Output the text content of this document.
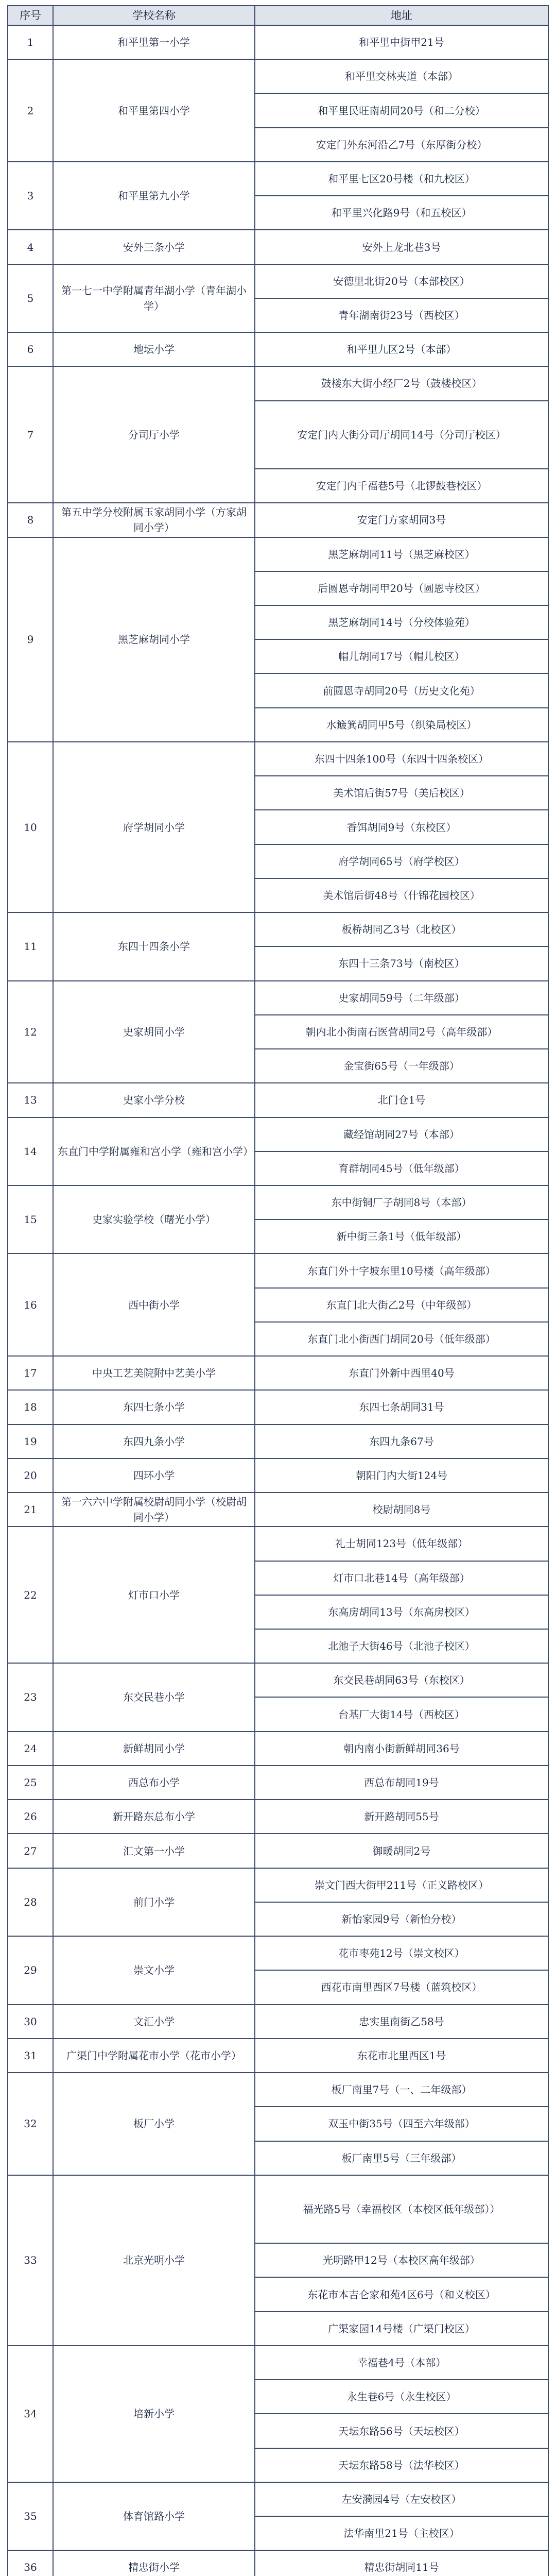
序号	学校名称	地址
1	和平里第一小学	和平里中街甲21号
2	和平里第四小学	和平里交林夹道（本部）
		和平里民旺南胡同20号（和二分校）
		安定门外东河沿乙7号（东厚街分校）
3	和平里第九小学	和平里七区20号楼（和九校区）
		和平里兴化路9号（和五校区）
4	安外三条小学	安外上龙北巷3号
5	第一七一中学附属青年湖小学（青年湖小学）	安德里北街20号（本部校区）
		青年湖南街23号（西校区）
6	地坛小学	和平里九区2号（本部）
7	分司厅小学	鼓楼东大街小经厂2号（鼓楼校区）
		安定门内大街分司厅胡同14号（分司厅校区）
		安定门内千福巷5号（北锣鼓巷校区）
8	第五中学分校附属玉家胡同小学（方家胡同小学）	安定门方家胡同3号
9	黑芝麻胡同小学	黑芝麻胡同11号（黑芝麻校区）
		后圆恩寺胡同甲20号（圆恩寺校区）
		黑芝麻胡同14号（分校体验苑）
		帽儿胡同17号（帽儿校区）
		前圆恩寺胡同20号（历史文化苑）
		水簸箕胡同甲5号（织染局校区）
10	府学胡同小学	东四十四条100号（东四十四条校区）
		美术馆后街57号（美后校区）
		香饵胡同9号（东校区）
		府学胡同65号（府学校区）
		美术馆后街48号（什锦花园校区）
11	东四十四条小学	板桥胡同乙3号（北校区）
		东四十三条73号（南校区）
12	史家胡同小学	史家胡同59号（二年级部）
		朝内北小街南石医营胡同2号（高年级部）
		金宝街65号（一年级部）
13	史家小学分校	北门仓1号
14	东直门中学附属雍和宫小学（雍和宫小学）	藏经馆胡同27号（本部）
		育群胡同45号（低年级部）
15	史家实验学校（曙光小学）	东中街铜厂子胡同8号（本部）
		新中街三条1号（低年级部）
16	西中街小学	东直门外十字坡东里10号楼（高年级部）
		东直门北大街乙2号（中年级部）
		东直门北小街西门胡同20号（低年级部）
17	中央工艺美院附中艺美小学	东直门外新中西里40号
18	东四七条小学	东四七条胡同31号
19	东四九条小学	东四九条67号
20	四环小学	朝阳门内大街124号
21	第一六六中学附属校尉胡同小学（校尉胡同小学）	校尉胡同8号
22	灯市口小学	礼士胡同123号（低年级部）
		灯市口北巷14号（高年级部）
		东高房胡同13号（东高房校区）
		北池子大街46号（北池子校区）
23	东交民巷小学	东交民巷胡同63号（东校区）
		台基厂大街14号（西校区）
24	新鲜胡同小学	朝内南小街新鲜胡同36号
25	西总布小学	西总布胡同19号
26	新开路东总布小学	新开路胡同55号
27	汇文第一小学	御暖胡同2号
28	前门小学	崇文门西大街甲211号（正义路校区）
		新怡家园9号（新怡分校）
29	崇文小学	花市枣苑12号（崇文校区）
		西花市南里西区7号楼（蓝筑校区）
30	文汇小学	忠实里南街乙58号
31	广渠门中学附属花市小学（花市小学）	东花市北里西区1号
32	板厂小学	板厂南里7号（一、二年级部）
		双玉中街35号（四至六年级部）
		板厂南里5号（三年级部）
33	北京光明小学	福光路5号（幸福校区（本校区低年级部））
		光明路甲12号（本校区高年级部）
		东花市本吉仑家和苑4区6号（和义校区）
		广渠家园14号楼（广渠门校区）
34	培新小学	幸福巷4号（本部）
		永生巷6号（永生校区）
		天坛东路56号（天坛校区）
		天坛东路58号（法华校区）
35	体育馆路小学	左安漪园4号（左安校区）
		法华南里21号（主校区）
36	精忠街小学	精忠街胡同11号
